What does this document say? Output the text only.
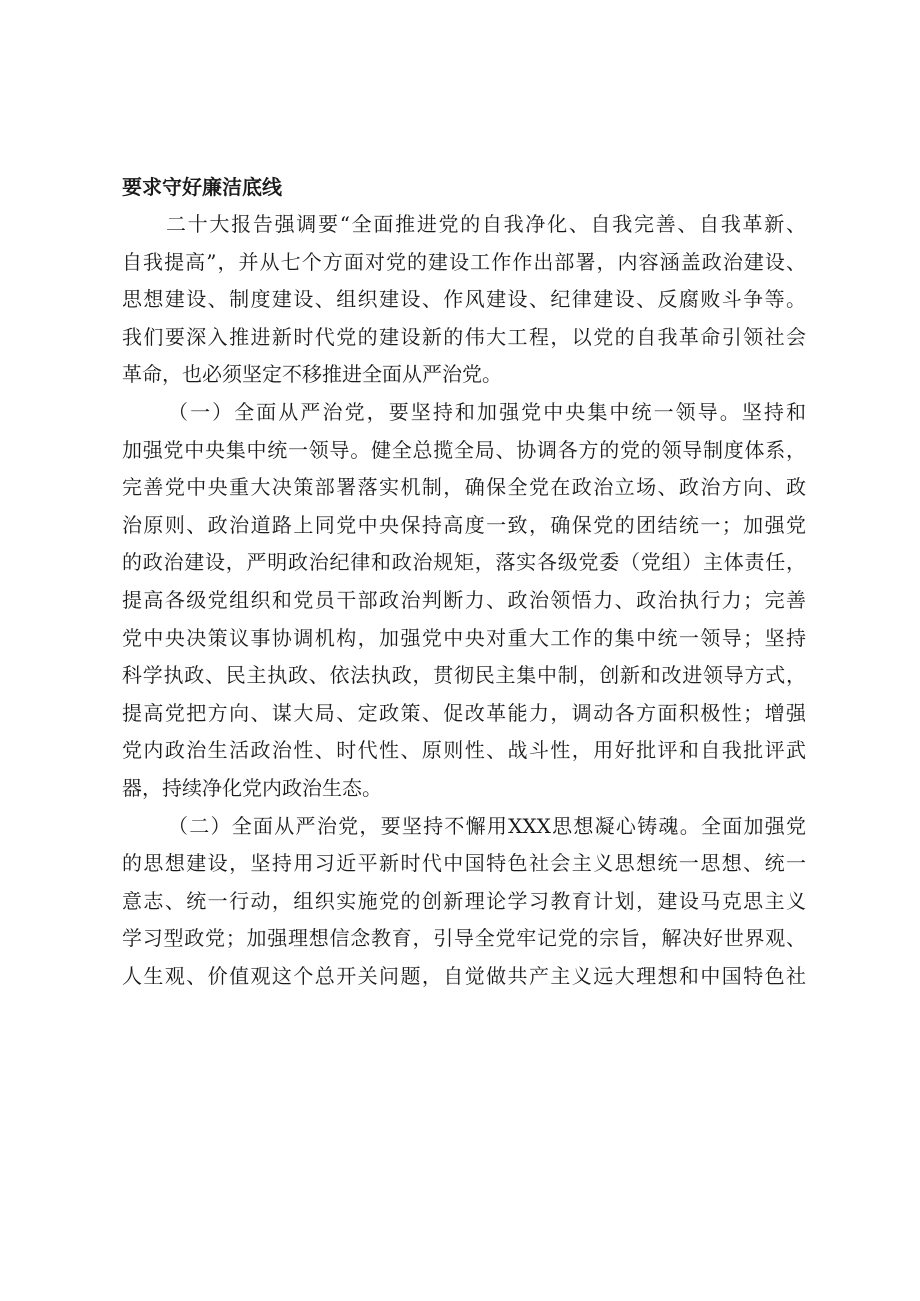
要求守好廉洁底线
二十大报告强调要“全面推进党的自我净化、自我完善、自我革新、
自我提高”，并从七个方面对党的建设工作作出部署，内容涵盖政治建设、
思想建设、制度建设、组织建设、作风建设、纪律建设、反腐败斗争等。
我们要深入推进新时代党的建设新的伟大工程，以党的自我革命引领社会
革命，也必须坚定不移推进全面从严治党。
（一）全面从严治党，要坚持和加强党中央集中统一领导。坚持和
加强党中央集中统一领导。健全总揽全局、协调各方的党的领导制度体系，
完善党中央重大决策部署落实机制，确保全党在政治立场、政治方向、政
治原则、政治道路上同党中央保持高度一致，确保党的团结统一；加强党
的政治建设，严明政治纪律和政治规矩，落实各级党委（党组）主体责任，
提高各级党组织和党员干部政治判断力、政治领悟力、政治执行力；完善
党中央决策议事协调机构，加强党中央对重大工作的集中统一领导；坚持
科学执政、民主执政、依法执政，贯彻民主集中制，创新和改进领导方式，
提高党把方向、谋大局、定政策、促改革能力，调动各方面积极性；增强
党内政治生活政治性、时代性、原则性、战斗性，用好批评和自我批评武
器，持续净化党内政治生态。
（二）全面从严治党，要坚持不懈用XXX思想凝心铸魂。全面加强党
的思想建设，坚持用习近平新时代中国特色社会主义思想统一思想、统一
意志、统一行动，组织实施党的创新理论学习教育计划，建设马克思主义
学习型政党；加强理想信念教育，引导全党牢记党的宗旨，解决好世界观、
人生观、价值观这个总开关问题，自觉做共产主义远大理想和中国特色社
